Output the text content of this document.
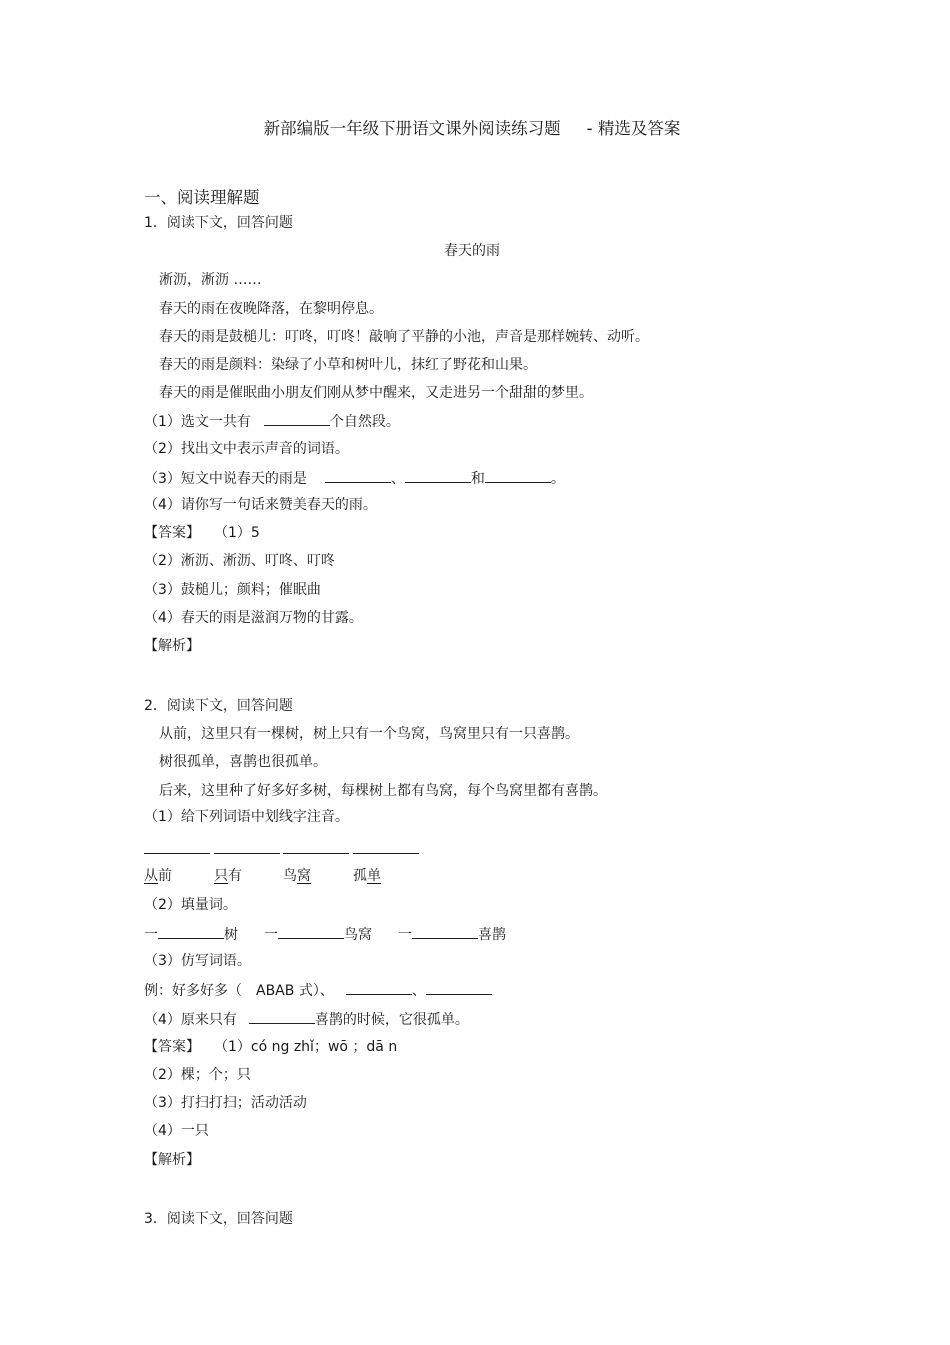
新部编版一年级下册语文课外阅读练习题 - 精选及答案
一、阅读理解题
1．阅读下文，回答问题
春天的雨
淅沥，淅沥 ……
春天的雨在夜晚降落，在黎明停息。
春天的雨是鼓槌儿：叮咚，叮咚！敲响了平静的小池，声音是那样婉转、动听。
春天的雨是颜料：染绿了小草和树叶儿，抹红了野花和山果。
春天的雨是催眠曲小朋友们刚从梦中醒来，又走进另一个甜甜的梦里。
（1）选文一共有	个自然段。
（2）找出文中表示声音的词语。
（3）短文中说春天的雨是	、	和	。
（4）请你写一句话来赞美春天的雨。
【答案】 （1）5
（2）淅沥、淅沥、叮咚、叮咚
（3）鼓槌儿；颜料；催眠曲
（4）春天的雨是滋润万物的甘露。
【解析】
2．阅读下文，回答问题
从前，这里只有一棵树，树上只有一个鸟窝，鸟窝里只有一只喜鹊。
树很孤单，喜鹊也很孤单。
后来，这里种了好多好多树，每棵树上都有鸟窝，每个鸟窝里都有喜鹊。
（1）给下列词语中划线字注音。
从前	只有	鸟窝	孤单
（2）填量词。
一	树 一	鸟窝 一	喜鹊
（3）仿写词语。
例：好多好多（ ABAB 式）、	、
（4）原来只有	喜鹊的时候，它很孤单。
【答案】 （1）có ng zhǐ；wō ；dā n
（2）棵；个；只
（3）打扫打扫；活动活动
（4）一只
【解析】
3．阅读下文，回答问题
